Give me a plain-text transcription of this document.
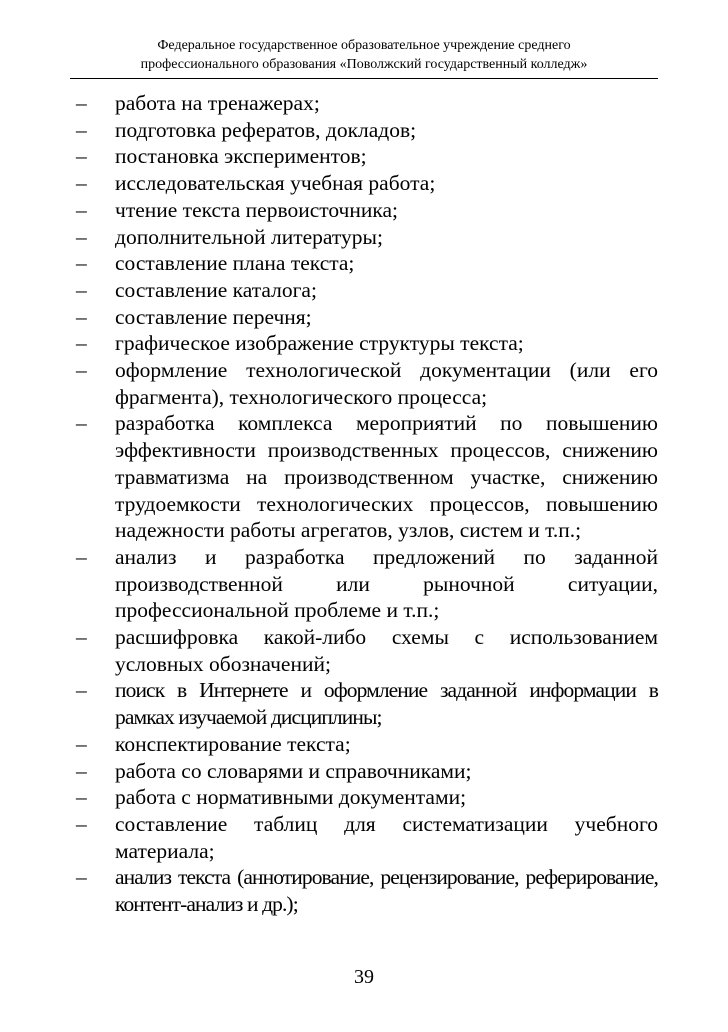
Федеральное государственное образовательное учреждение среднего
профессионального образования «Поволжский государственный колледж»
– работа на тренажерах;
– подготовка рефератов, докладов;
– постановка экспериментов;
– исследовательская учебная работа;
– чтение текста первоисточника;
– дополнительной литературы;
– составление плана текста;
– составление каталога;
– составление перечня;
– графическое изображение структуры текста;
– оформление технологической документации (или его фрагмента), технологического процесса;
– разработка комплекса мероприятий по повышению эффективности производственных процессов, снижению травматизма на производственном участке, снижению трудоемкости технологических процессов, повышению надежности работы агрегатов, узлов, систем и т.п.;
– анализ и разработка предложений по заданной производственной или рыночной ситуации, профессиональной проблеме и т.п.;
– расшифровка какой-либо схемы с использованием условных обозначений;
– поиск в Интернете и оформление заданной информации в рамках изучаемой дисциплины;
– конспектирование текста;
– работа со словарями и справочниками;
– работа с нормативными документами;
– составление таблиц для систематизации учебного материала;
– анализ текста (аннотирование, рецензирование, реферирование, контент-анализ и др.);
39
